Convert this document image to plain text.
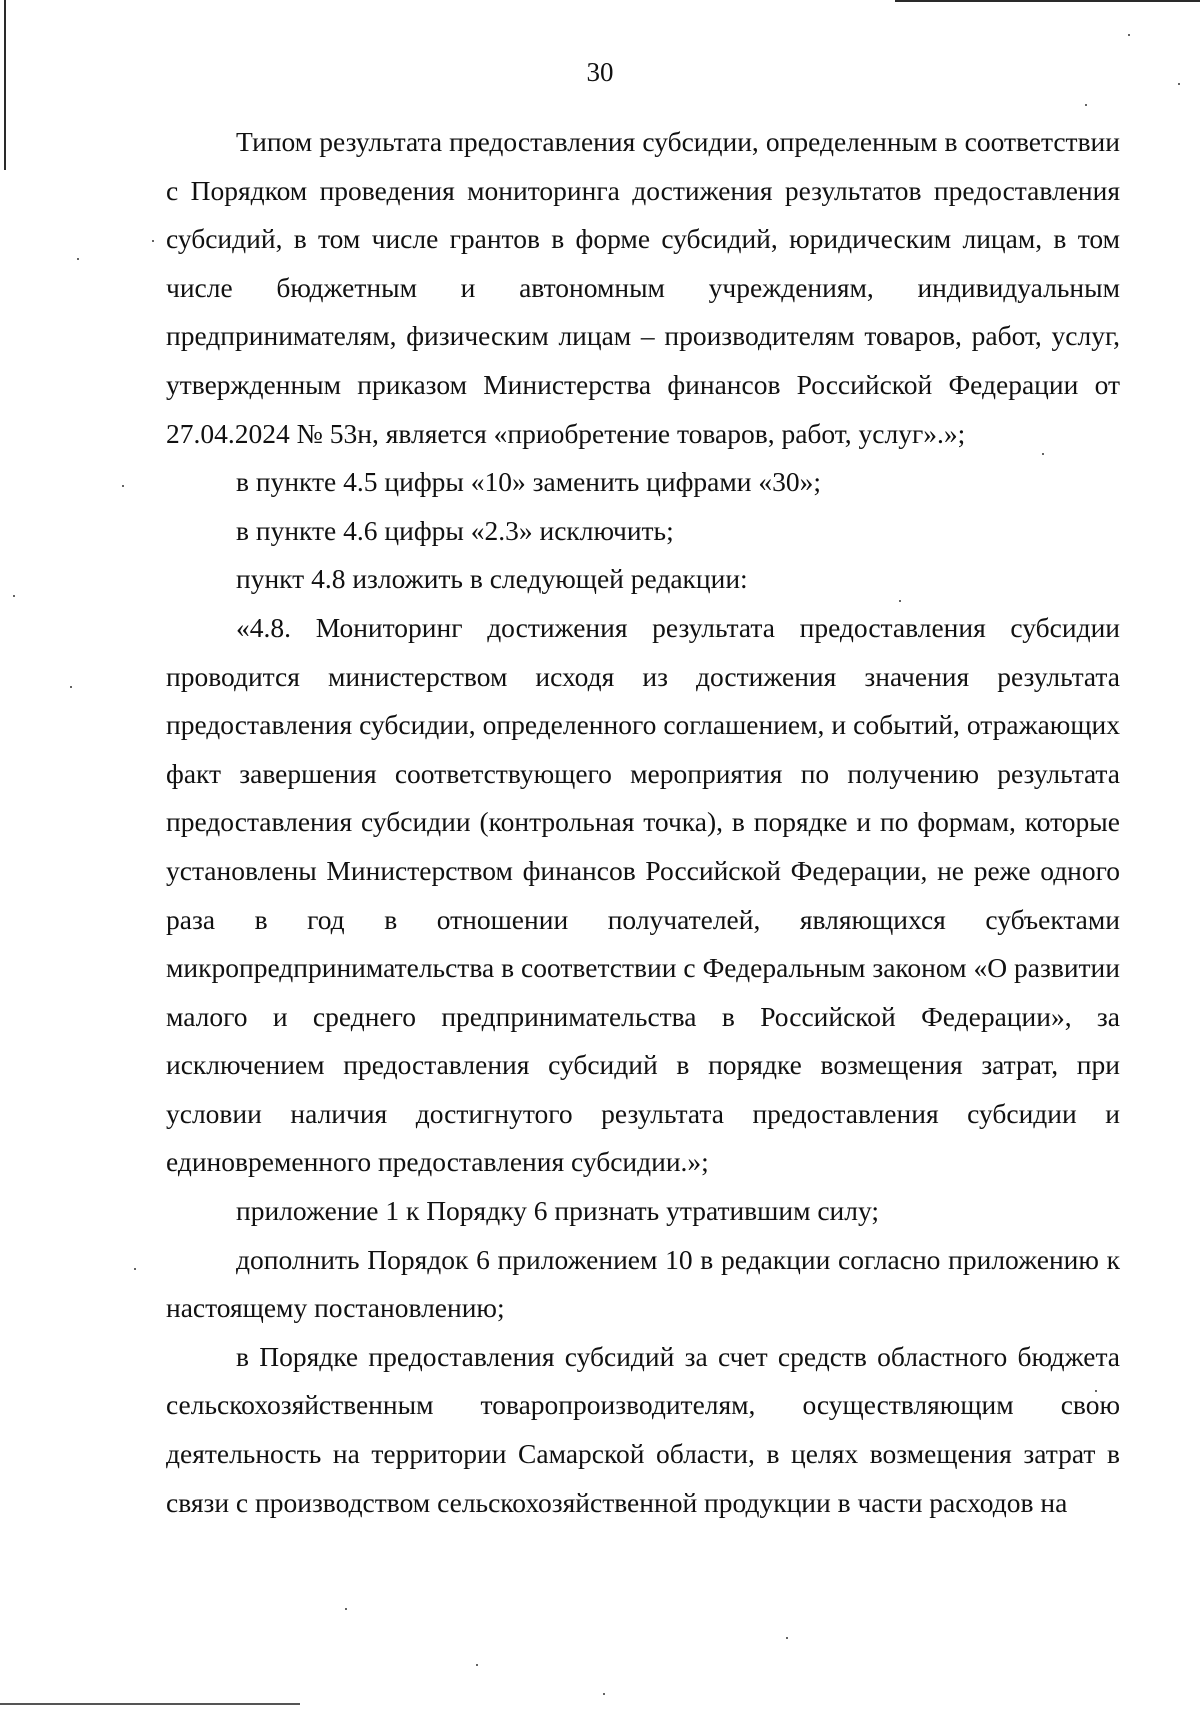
30

Типом результата предоставления субсидии, определенным в соответствии с Порядком проведения мониторинга достижения результатов предоставления субсидий, в том числе грантов в форме субсидий, юридическим лицам, в том числе бюджетным и автономным учреждениям, индивидуальным предпринимателям, физическим лицам – производителям товаров, работ, услуг, утвержденным приказом Министерства финансов Российской Федерации от 27.04.2024 № 53н, является «приобретение товаров, работ, услуг».»;

в пункте 4.5 цифры «10» заменить цифрами «30»;

в пункте 4.6 цифры «2.3» исключить;

пункт 4.8 изложить в следующей редакции:

«4.8. Мониторинг достижения результата предоставления субсидии проводится министерством исходя из достижения значения результата предоставления субсидии, определенного соглашением, и событий, отражающих факт завершения соответствующего мероприятия по получению результата предоставления субсидии (контрольная точка), в порядке и по формам, которые установлены Министерством финансов Российской Федерации, не реже одного раза в год в отношении получателей, являющихся субъектами микропредпринимательства в соответствии с Федеральным законом «О развитии малого и среднего предпринимательства в Российской Федерации», за исключением предоставления субсидий в порядке возмещения затрат, при условии наличия достигнутого результата предоставления субсидии и единовременного предоставления субсидии.»;

приложение 1 к Порядку 6 признать утратившим силу;

дополнить Порядок 6 приложением 10 в редакции согласно приложению к настоящему постановлению;

в Порядке предоставления субсидий за счет средств областного бюджета сельскохозяйственным товаропроизводителям, осуществляющим свою деятельность на территории Самарской области, в целях возмещения затрат в связи с производством сельскохозяйственной продукции в части расходов на
